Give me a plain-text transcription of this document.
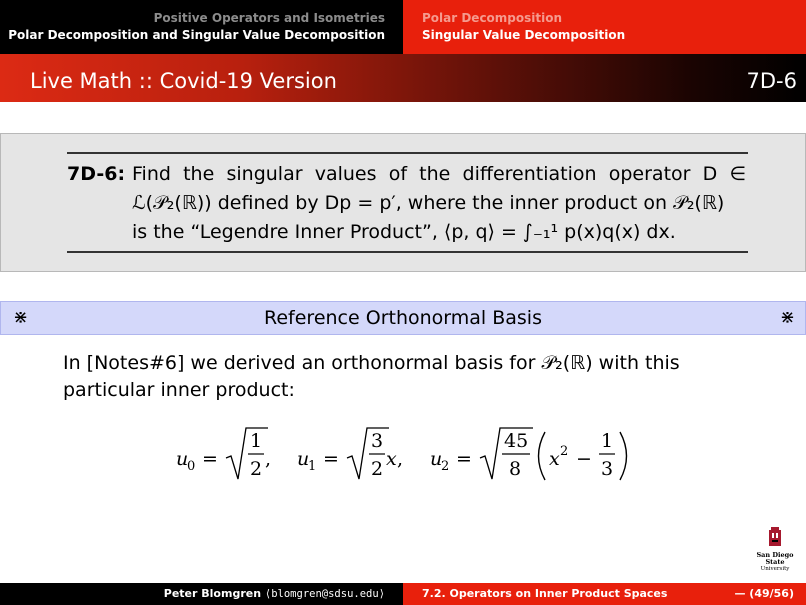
Positive Operators and Isometries
Polar Decomposition and Singular Value Decomposition
Polar Decomposition
Singular Value Decomposition
Live Math :: Covid-19 Version	7D-6
7D-6: Find the singular values of the differentiation operator D ∈
ℒ(𝒫₂(ℝ)) defined by Dp = p′, where the inner product on 𝒫₂(ℝ)
is the “Legendre Inner Product”, ⟨p, q⟩ = ∫₋₁¹ p(x)q(x) dx.
⋇	Reference Orthonormal Basis	⋇
In [Notes#6] we derived an orthonormal basis for 𝒫₂(ℝ) with this
particular inner product:
u
0 =
1
2 , u
1 =
3
2 x , u
2 =
45
8 x 2 −
1
3
San Diego State
University
Peter Blomgren ⟨blomgren@sdsu.edu⟩	7.2. Operators on Inner Product Spaces	— (49/56)
